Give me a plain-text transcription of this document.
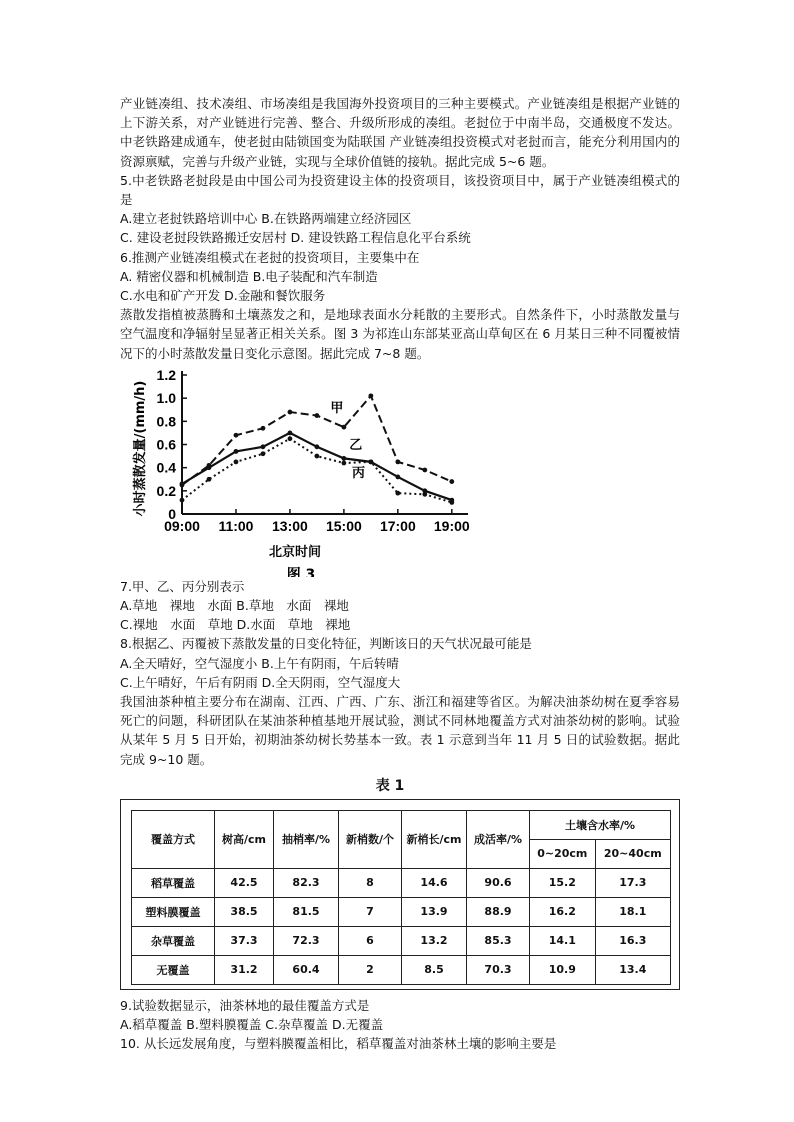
产业链凑组、技术凑组、市场凑组是我国海外投资项目的三种主要模式。产业链凑组是根据产业链的上下游关系，对产业链进行完善、整合、升级所形成的凑组。老挝位于中南半岛，交通极度不发达。中老铁路建成通车，使老挝由陆锁国变为陆联国 产业链凑组投资模式对老挝而言，能充分利用国内的资源禀赋，完善与升级产业链，实现与全球价值链的接轨。据此完成 5~6 题。

5.中老铁路老挝段是由中国公司为投资建设主体的投资项目，该投资项目中，属于产业链凑组模式的是

A.建立老挝铁路培训中心 B.在铁路两端建立经济园区

C. 建设老挝段铁路搬迁安居村 D. 建设铁路工程信息化平台系统

6.推测产业链凑组模式在老挝的投资项目，主要集中在

A. 精密仪器和机械制造 B.电子装配和汽车制造

C.水电和矿产开发 D.金融和餐饮服务

蒸散发指植被蒸腾和土壤蒸发之和，是地球表面水分耗散的主要形式。自然条件下，小时蒸散发量与空气温度和净辐射呈显著正相关关系。图 3 为祁连山东部某亚高山草甸区在 6 月某日三种不同覆被情况下的小时蒸散发量日变化示意图。据此完成 7~8 题。

0
0.2
0.4
0.6
0.8
1.0
1.2
09:00 11:00 13:00 15:00 17:00 19:00
小时蒸散发量/(mm/h)
北京时间
图 3
甲
乙
丙

7.甲、乙、丙分别表示

A.草地　裸地　水面 B.草地　水面　裸地

C.裸地　水面　草地 D.水面　草地　裸地

8.根据乙、丙覆被下蒸散发量的日变化特征，判断该日的天气状况最可能是

A.全天晴好，空气湿度小 B.上午有阴雨，午后转晴

C.上午晴好，午后有阴雨 D.全天阴雨，空气湿度大

我国油茶种植主要分布在湖南、江西、广西、广东、浙江和福建等省区。为解决油茶幼树在夏季容易死亡的问题，科研团队在某油茶种植基地开展试验，测试不同林地覆盖方式对油茶幼树的影响。试验从某年 5 月 5 日开始，初期油茶幼树长势基本一致。表 1 示意到当年 11 月 5 日的试验数据。据此完成 9~10 题。

表 1
覆盖方式	树高/cm	抽梢率/%	新梢数/个	新梢长/cm	成活率/%	土壤含水率/%	
						0~20cm	20~40cm
稻草覆盖	42.5	82.3	8	14.6	90.6	15.2	17.3
塑料膜覆盖	38.5	81.5	7	13.9	88.9	16.2	18.1
杂草覆盖	37.3	72.3	6	13.2	85.3	14.1	16.3
无覆盖	31.2	60.4	2	8.5	70.3	10.9	13.4

9.试验数据显示，油茶林地的最佳覆盖方式是

A.稻草覆盖 B.塑料膜覆盖 C.杂草覆盖 D.无覆盖

10. 从长远发展角度，与塑料膜覆盖相比，稻草覆盖对油茶林土壤的影响主要是
